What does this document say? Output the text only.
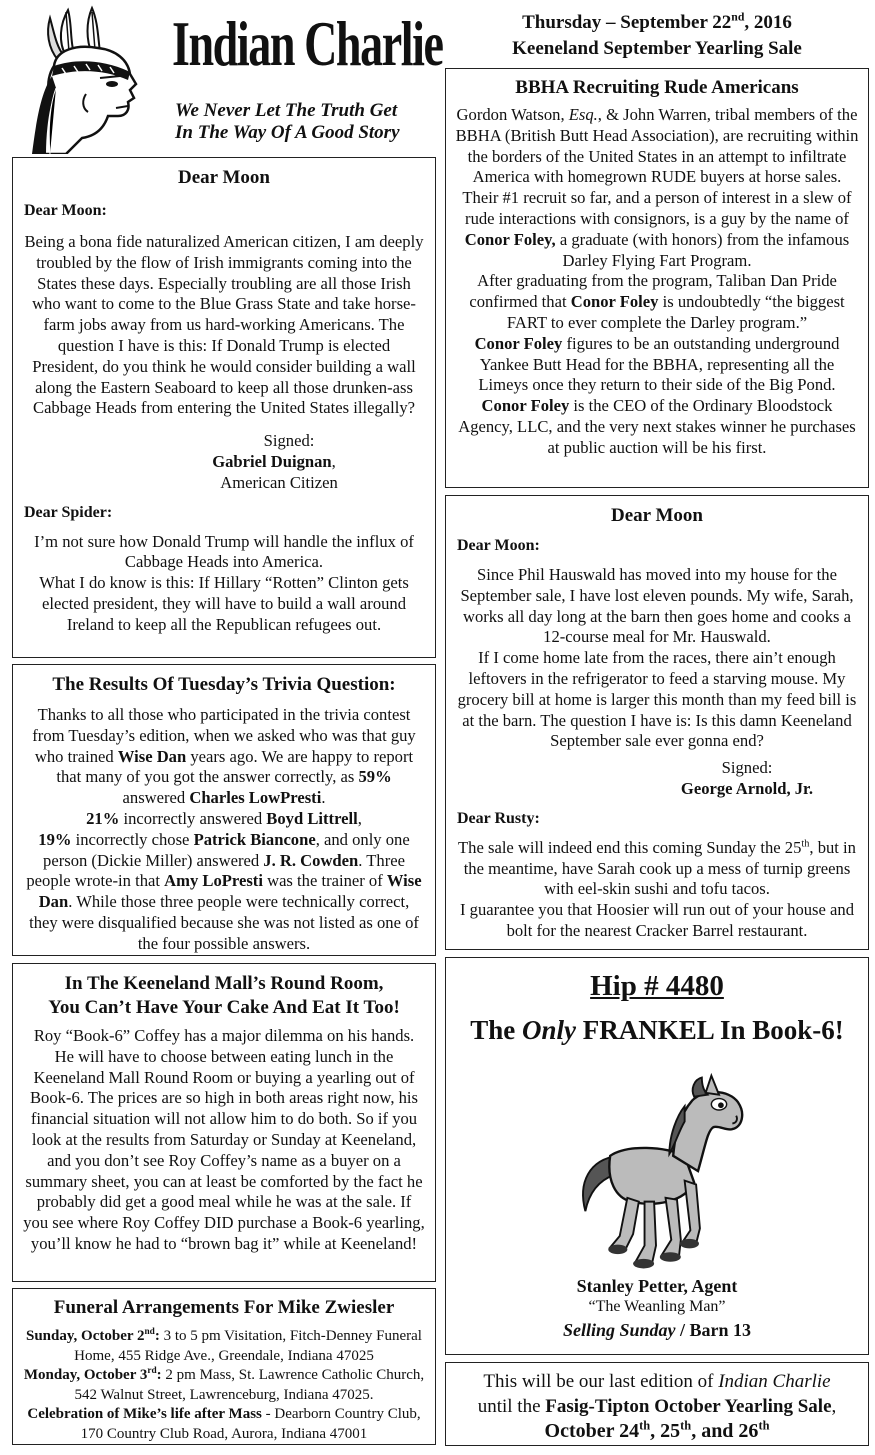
Indian Charlie
We Never Let The Truth Get
In The Way Of A Good Story
Thursday – September 22nd, 2016
Keeneland September Yearling Sale
Dear Moon
Dear Moon:

Being a bona fide naturalized American citizen, I am deeply troubled by the flow of Irish immigrants coming into the States these days. Especially troubling are all those Irish who want to come to the Blue Grass State and take horse-farm jobs away from us hard-working Americans. The question I have is this: If Donald Trump is elected President, do you think he would consider building a wall along the Eastern Seaboard to keep all those drunken-ass Cabbage Heads from entering the United States illegally?

Signed:
Gabriel Duignan,
American Citizen
Dear Spider:

I’m not sure how Donald Trump will handle the influx of Cabbage Heads into America.

What I do know is this: If Hillary “Rotten” Clinton gets elected president, they will have to build a wall around Ireland to keep all the Republican refugees out.

The Results Of Tuesday’s Trivia Question:

Thanks to all those who participated in the trivia contest from Tuesday’s edition, when we asked who was that guy who trained Wise Dan years ago. We are happy to report that many of you got the answer correctly, as 59% answered Charles LowPresti.
21% incorrectly answered Boyd Littrell,
19% incorrectly chose Patrick Biancone, and only one person (Dickie Miller) answered J. R. Cowden. Three people wrote-in that Amy LoPresti was the trainer of Wise Dan. While those three people were technically correct, they were disqualified because she was not listed as one of the four possible answers.

In The Keeneland Mall’s Round Room,
You Can’t Have Your Cake And Eat It Too!

Roy “Book-6” Coffey has a major dilemma on his hands. He will have to choose between eating lunch in the Keeneland Mall Round Room or buying a yearling out of Book-6. The prices are so high in both areas right now, his financial situation will not allow him to do both. So if you look at the results from Saturday or Sunday at Keeneland, and you don’t see Roy Coffey’s name as a buyer on a summary sheet, you can at least be comforted by the fact he probably did get a good meal while he was at the sale. If you see where Roy Coffey DID purchase a Book-6 yearling, you’ll know he had to “brown bag it” while at Keeneland!

Funeral Arrangements For Mike Zwiesler

Sunday, October 2nd: 3 to 5 pm Visitation, Fitch-Denney Funeral Home, 455 Ridge Ave., Greendale, Indiana 47025
Monday, October 3rd: 2 pm Mass, St. Lawrence Catholic Church, 542 Walnut Street, Lawrenceburg, Indiana 47025.
Celebration of Mike’s life after Mass - Dearborn Country Club, 170 Country Club Road, Aurora, Indiana 47001

BBHA Recruiting Rude Americans

Gordon Watson, Esq., & John Warren, tribal members of the BBHA (British Butt Head Association), are recruiting within the borders of the United States in an attempt to infiltrate America with homegrown RUDE buyers at horse sales.

Their #1 recruit so far, and a person of interest in a slew of rude interactions with consignors, is a guy by the name of Conor Foley, a graduate (with honors) from the infamous Darley Flying Fart Program.

After graduating from the program, Taliban Dan Pride confirmed that Conor Foley is undoubtedly “the biggest FART to ever complete the Darley program.”

Conor Foley figures to be an outstanding underground Yankee Butt Head for the BBHA, representing all the Limeys once they return to their side of the Big Pond.

Conor Foley is the CEO of the Ordinary Bloodstock Agency, LLC, and the very next stakes winner he purchases at public auction will be his first.

Dear Moon
Dear Moon:

Since Phil Hauswald has moved into my house for the September sale, I have lost eleven pounds. My wife, Sarah, works all day long at the barn then goes home and cooks a 12-course meal for Mr. Hauswald.

If I come home late from the races, there ain’t enough leftovers in the refrigerator to feed a starving mouse. My grocery bill at home is larger this month than my feed bill is at the barn. The question I have is: Is this damn Keeneland September sale ever gonna end?

Signed:
George Arnold, Jr.
Dear Rusty:

The sale will indeed end this coming Sunday the 25th, but in the meantime, have Sarah cook up a mess of turnip greens with eel-skin sushi and tofu tacos.

I guarantee you that Hoosier will run out of your house and bolt for the nearest Cracker Barrel restaurant.

Hip # 4480
The Only FRANKEL In Book-6!
Stanley Petter, Agent
“The Weanling Man”
Selling Sunday / Barn 13
This will be our last edition of Indian Charlie
until the Fasig-Tipton October Yearling Sale,
October 24th, 25th, and 26th
